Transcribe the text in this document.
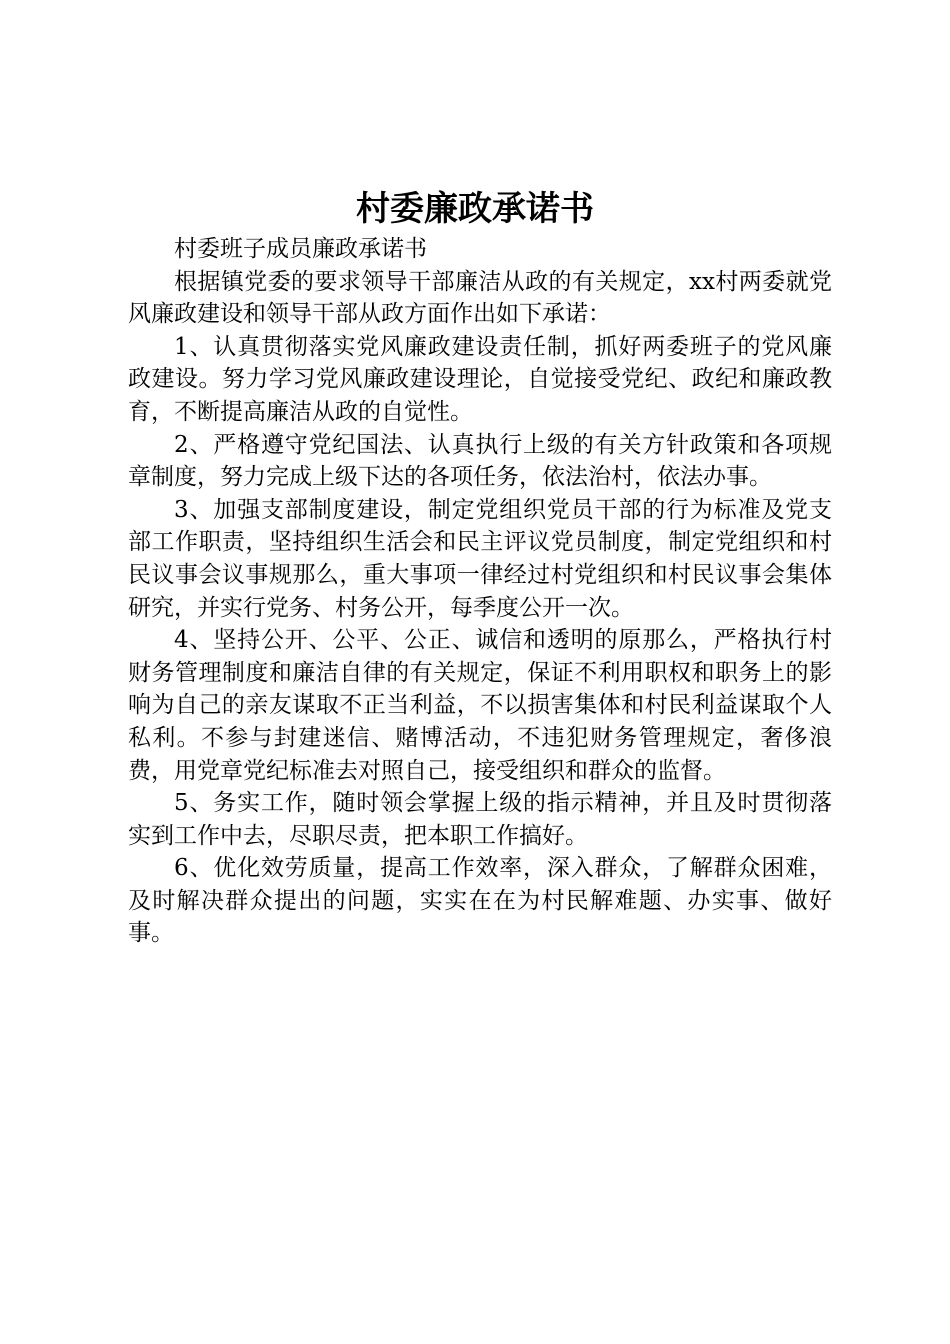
村委廉政承诺书

村委班子成员廉政承诺书

根据镇党委的要求领导干部廉洁从政的有关规定，xx村两委就党风廉政建设和领导干部从政方面作出如下承诺：

1、认真贯彻落实党风廉政建设责任制，抓好两委班子的党风廉政建设。努力学习党风廉政建设理论，自觉接受党纪、政纪和廉政教育，不断提高廉洁从政的自觉性。

2、严格遵守党纪国法、认真执行上级的有关方针政策和各项规章制度，努力完成上级下达的各项任务，依法治村，依法办事。

3、加强支部制度建设，制定党组织党员干部的行为标准及党支部工作职责，坚持组织生活会和民主评议党员制度，制定党组织和村民议事会议事规那么，重大事项一律经过村党组织和村民议事会集体研究，并实行党务、村务公开，每季度公开一次。

4、坚持公开、公平、公正、诚信和透明的原那么，严格执行村财务管理制度和廉洁自律的有关规定，保证不利用职权和职务上的影响为自己的亲友谋取不正当利益，不以损害集体和村民利益谋取个人私利。不参与封建迷信、赌博活动，不违犯财务管理规定，奢侈浪费，用党章党纪标准去对照自己，接受组织和群众的监督。

5、务实工作，随时领会掌握上级的指示精神，并且及时贯彻落实到工作中去，尽职尽责，把本职工作搞好。

6、优化效劳质量，提高工作效率，深入群众，了解群众困难，及时解决群众提出的问题，实实在在为村民解难题、办实事、做好事。
